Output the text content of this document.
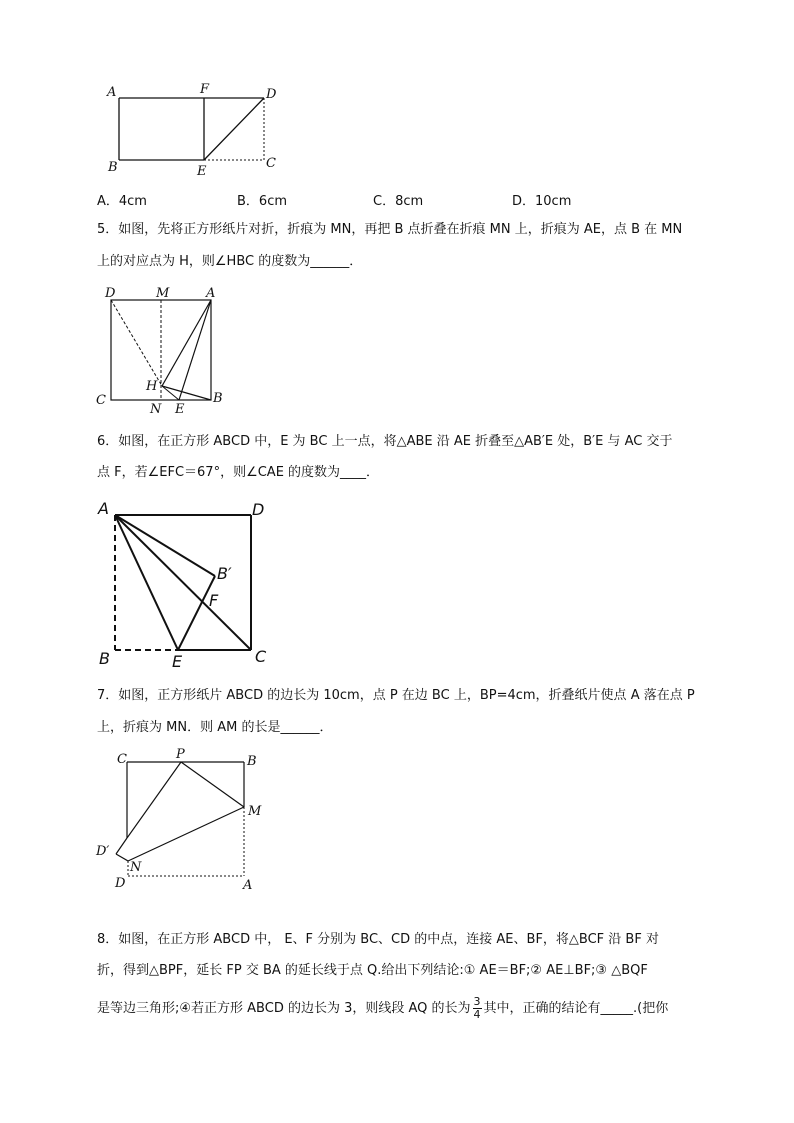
A	F	D
B	E
C
A．4cm	B．6cm	C．8cm	D．10cm
5．如图，先将正方形纸片对折，折痕为 MN，再把 B 点折叠在折痕 MN 上，折痕为 AE，点 B 在 MN
上的对应点为 H，则∠HBC 的度数为______．
D	M	A
H
C
N E
B
6．如图，在正方形 ABCD 中，E 为 BC 上一点，将△ABE 沿 AE 折叠至△AB′E 处，B′E 与 AC 交于
点 F，若∠EFC＝67°，则∠CAE 的度数为____．
A	D
B′
F
B	E	C
7．如图，正方形纸片 ABCD 的边长为 10cm，点 P 在边 BC 上，BP=4cm，折叠纸片使点 A 落在点 P
上，折痕为 MN．则 AM 的长是______．
C	P	B
M
D′
N
D	A
8．如图，在正方形 ABCD 中， E、F 分别为 BC、CD 的中点，连接 AE、BF，将△BCF 沿 BF 对
折，得到△BPF，延长 FP 交 BA 的延长线于点 Q.给出下列结论:① AE＝BF;② AE⊥BF;③ △BQF
是等边三角形;④若正方形 ABCD 的边长为 3，则线段 AQ 的长为 $\frac{3}{4}$ 其中，正确的结论有_____.(把你
